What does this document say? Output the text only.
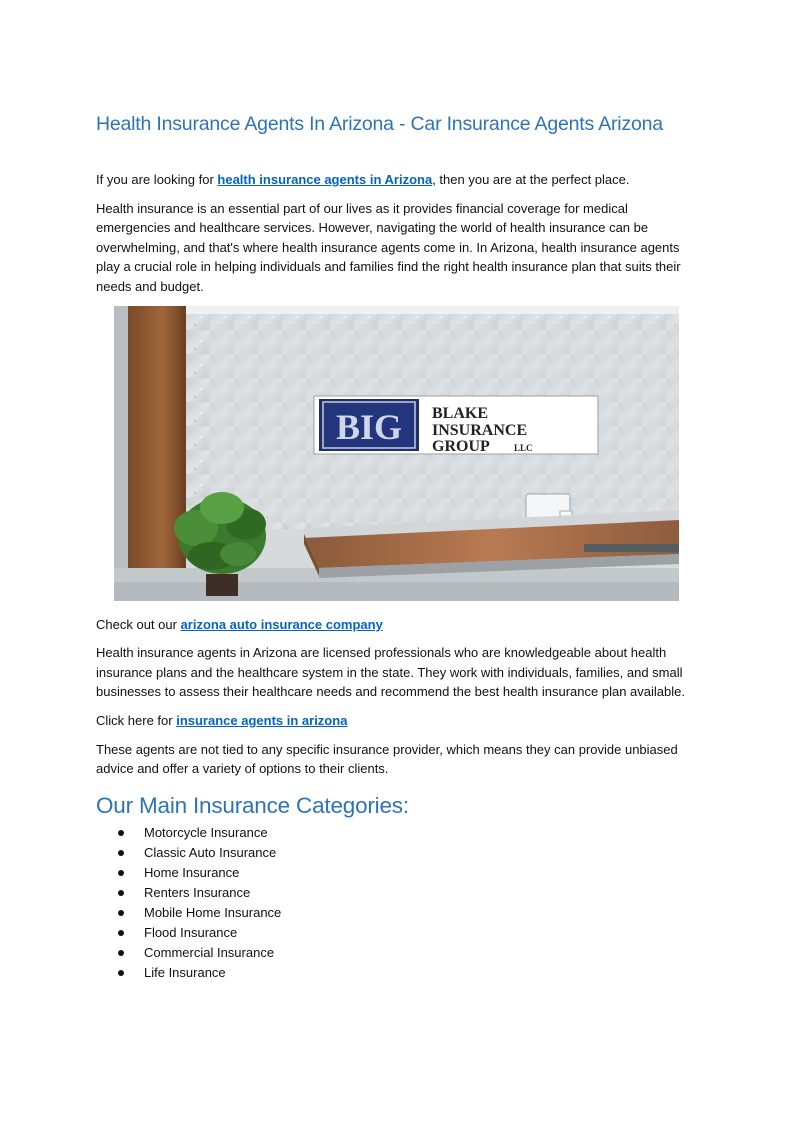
Health Insurance Agents In Arizona - Car Insurance Agents Arizona

If you are looking for health insurance agents in Arizona, then you are at the perfect place.

Health insurance is an essential part of our lives as it provides financial coverage for medical emergencies and healthcare services. However, navigating the world of health insurance can be overwhelming, and that's where health insurance agents come in. In Arizona, health insurance agents play a crucial role in helping individuals and families find the right health insurance plan that suits their needs and budget.

BIG BLAKE
INSURANCE
GROUP	LLC

Check out our arizona auto insurance company

Health insurance agents in Arizona are licensed professionals who are knowledgeable about health insurance plans and the healthcare system in the state. They work with individuals, families, and small businesses to assess their healthcare needs and recommend the best health insurance plan available.

Click here for insurance agents in arizona

These agents are not tied to any specific insurance provider, which means they can provide unbiased advice and offer a variety of options to their clients.

Our Main Insurance Categories:
Motorcycle Insurance
Classic Auto Insurance
Home Insurance
Renters Insurance
Mobile Home Insurance
Flood Insurance
Commercial Insurance
Life Insurance
